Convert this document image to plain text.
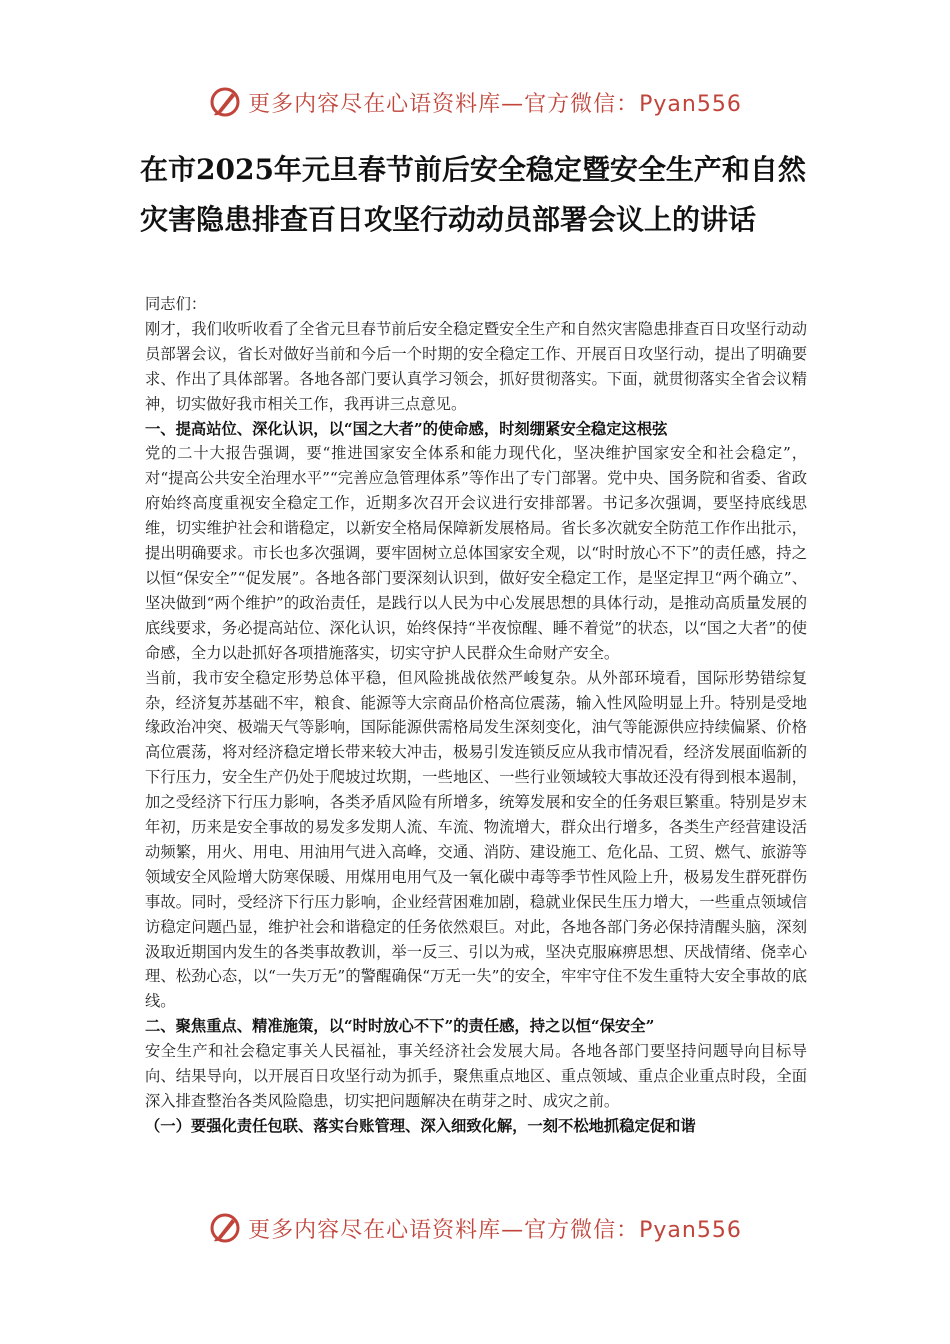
更多内容尽在心语资料库—官方微信：Pyan556
在市2025年元旦春节前后安全稳定暨安全生产和自然灾害隐患排查百日攻坚行动动员部署会议上的讲话

同志们：

刚才，我们收听收看了全省元旦春节前后安全稳定暨安全生产和自然灾害隐患排查百日攻坚行动动员部署会议，省长对做好当前和今后一个时期的安全稳定工作、开展百日攻坚行动，提出了明确要求、作出了具体部署。各地各部门要认真学习领会，抓好贯彻落实。下面，就贯彻落实全省会议精神，切实做好我市相关工作，我再讲三点意见。

一、提高站位、深化认识，以“国之大者”的使命感，时刻绷紧安全稳定这根弦

党的二十大报告强调，要“推进国家安全体系和能力现代化，坚决维护国家安全和社会稳定”，对“提高公共安全治理水平”“完善应急管理体系”等作出了专门部署。党中央、国务院和省委、省政府始终高度重视安全稳定工作，近期多次召开会议进行安排部署。书记多次强调，要坚持底线思维，切实维护社会和谐稳定，以新安全格局保障新发展格局。省长多次就安全防范工作作出批示，提出明确要求。市长也多次强调，要牢固树立总体国家安全观，以“时时放心不下”的责任感，持之以恒“保安全”“促发展”。各地各部门要深刻认识到，做好安全稳定工作，是坚定捍卫“两个确立”、坚决做到“两个维护”的政治责任，是践行以人民为中心发展思想的具体行动，是推动高质量发展的底线要求，务必提高站位、深化认识，始终保持“半夜惊醒、睡不着觉”的状态，以“国之大者”的使命感，全力以赴抓好各项措施落实，切实守护人民群众生命财产安全。

当前，我市安全稳定形势总体平稳，但风险挑战依然严峻复杂。从外部环境看，国际形势错综复杂，经济复苏基础不牢，粮食、能源等大宗商品价格高位震荡，输入性风险明显上升。特别是受地缘政治冲突、极端天气等影响，国际能源供需格局发生深刻变化，油气等能源供应持续偏紧、价格高位震荡，将对经济稳定增长带来较大冲击，极易引发连锁反应从我市情况看，经济发展面临新的下行压力，安全生产仍处于爬坡过坎期，一些地区、一些行业领域较大事故还没有得到根本遏制，加之受经济下行压力影响，各类矛盾风险有所增多，统筹发展和安全的任务艰巨繁重。特别是岁末年初，历来是安全事故的易发多发期人流、车流、物流增大，群众出行增多，各类生产经营建设活动频繁，用火、用电、用油用气进入高峰，交通、消防、建设施工、危化品、工贸、燃气、旅游等领域安全风险增大防寒保暖、用煤用电用气及一氧化碳中毒等季节性风险上升，极易发生群死群伤事故。同时，受经济下行压力影响，企业经营困难加剧，稳就业保民生压力增大，一些重点领域信访稳定问题凸显，维护社会和谐稳定的任务依然艰巨。对此，各地各部门务必保持清醒头脑，深刻汲取近期国内发生的各类事故教训，举一反三、引以为戒，坚决克服麻痹思想、厌战情绪、侥幸心理、松劲心态，以“一失万无”的警醒确保“万无一失”的安全，牢牢守住不发生重特大安全事故的底线。

二、聚焦重点、精准施策，以“时时放心不下”的责任感，持之以恒“保安全”

安全生产和社会稳定事关人民福祉，事关经济社会发展大局。各地各部门要坚持问题导向目标导向、结果导向，以开展百日攻坚行动为抓手，聚焦重点地区、重点领域、重点企业重点时段，全面深入排查整治各类风险隐患，切实把问题解决在萌芽之时、成灾之前。

（一）要强化责任包联、落实台账管理、深入细致化解，一刻不松地抓稳定促和谐

更多内容尽在心语资料库—官方微信：Pyan556
